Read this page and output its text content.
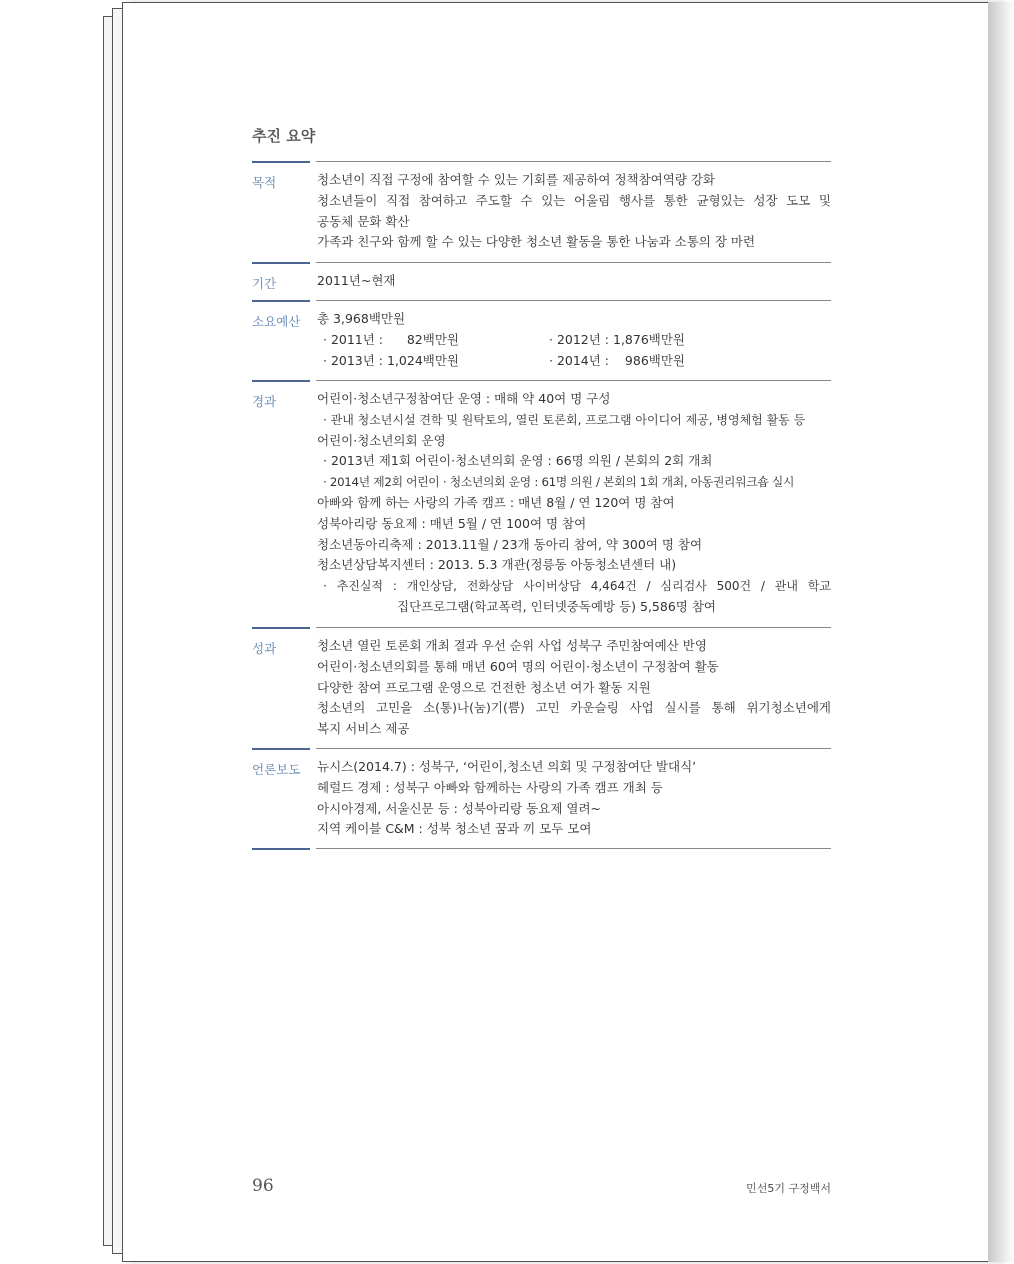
추진 요약
목적	청소년이 직접 구정에 참여할 수 있는 기회를 제공하여 정책참여역량 강화
청소년들이 직접 참여하고 주도할 수 있는 어울림 행사를 통한 균형있는 성장 도모 및
공동체 문화 확산
가족과 친구와 함께 할 수 있는 다양한 청소년 활동을 통한 나눔과 소통의 장 마련
기간	2011년~현재
소요예산 총 3,968백만원
· 2011년 :      82백만원	· 2012년 : 1,876백만원
· 2013년 : 1,024백만원	· 2014년 :    986백만원
경과	어린이·청소년구정참여단 운영 : 매해 약 40여 명 구성
· 관내 청소년시설 견학 및 원탁토의, 열린 토론회, 프로그램 아이디어 제공, 병영체험 활동 등
어린이·청소년의회 운영
· 2013년 제1회 어린이·청소년의회 운영 : 66명 의원 / 본회의 2회 개최
· 2014년 제2회 어린이 · 청소년의회 운영 : 61명 의원 / 본회의 1회 개최, 아동권리워크숍 실시
아빠와 함께 하는 사랑의 가족 캠프 : 매년 8월 / 연 120여 명 참여
성북아리랑 동요제 : 매년 5월 / 연 100여 명 참여
청소년동아리축제 : 2013.11월 / 23개 동아리 참여, 약 300여 명 참여
청소년상담복지센터 : 2013. 5.3 개관(정릉동 아동청소년센터 내)
· 추진실적 : 개인상담, 전화상담 사이버상담 4,464건 / 심리검사 500건 / 관내 학교
집단프로그램(학교폭력, 인터넷중독예방 등) 5,586명 참여
성과	청소년 열린 토론회 개최 결과 우선 순위 사업 성북구 주민참여예산 반영
어린이·청소년의회를 통해 매년 60여 명의 어린이·청소년이 구정참여 활동
다양한 참여 프로그램 운영으로 건전한 청소년 여가 활동 지원
청소년의 고민을 소(통)나(눔)기(쁨) 고민 카운슬링 사업 실시를 통해 위기청소년에게
복지 서비스 제공
언론보도 뉴시스(2014.7) : 성북구, ‘어린이,청소년 의회 및 구정참여단 발대식’
헤럴드 경제 : 성북구 아빠와 함께하는 사랑의 가족 캠프 개최 등
아시아경제, 서울신문 등 : 성북아리랑 동요제 열려~
지역 케이블 C&M : 성북 청소년 꿈과 끼 모두 모여
96	민선5기 구정백서
